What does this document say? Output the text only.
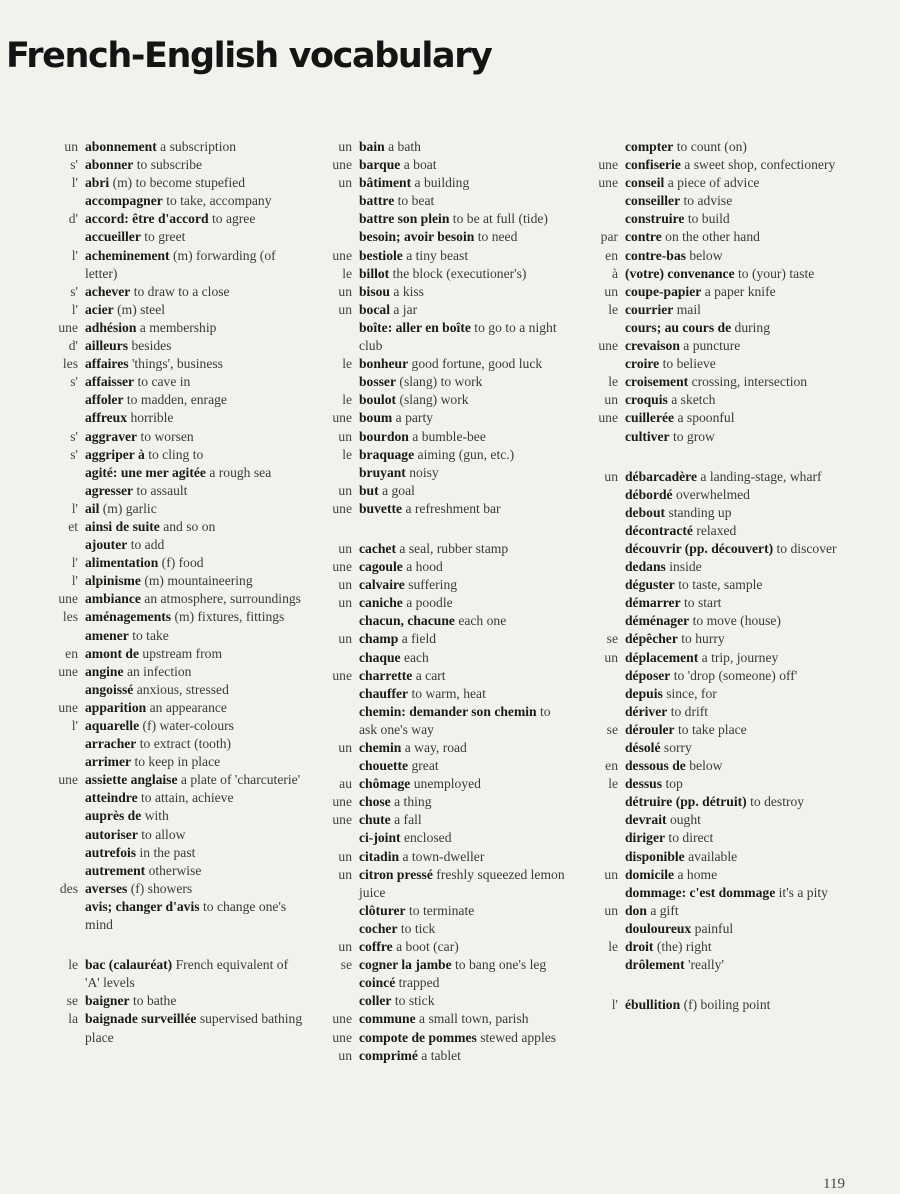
French-English vocabulary
un abonnement a subscription
s' abonner to subscribe
l' abri (m) to become stupefied
accompagner to take, accompany
d' accord: être d'accord to agree
accueiller to greet
l' acheminement (m) forwarding (of letter)
s' achever to draw to a close
l' acier (m) steel
une adhésion a membership
d' ailleurs besides
les affaires 'things', business
s' affaisser to cave in
affoler to madden, enrage
affreux horrible
s' aggraver to worsen
s' aggriper à to cling to
agité: une mer agitée a rough sea
agresser to assault
l' ail (m) garlic
et ainsi de suite and so on
ajouter to add
l' alimentation (f) food
l' alpinisme (m) mountaineering
une ambiance an atmosphere, surroundings
les aménagements (m) fixtures, fittings
amener to take
en amont de upstream from
une angine an infection
angoissé anxious, stressed
une apparition an appearance
l' aquarelle (f) water-colours
arracher to extract (tooth)
arrimer to keep in place
une assiette anglaise a plate of 'charcuterie'
atteindre to attain, achieve
auprès de with
autoriser to allow
autrefois in the past
autrement otherwise
des averses (f) showers
avis; changer d'avis to change one's mind
le bac (calauréat) French equivalent of 'A' levels
se baigner to bathe
la baignade surveillée supervised bathing place
un bain a bath
une barque a boat
un bâtiment a building
battre to beat
battre son plein to be at full (tide)
besoin; avoir besoin to need
une bestiole a tiny beast
le billot the block (executioner's)
un bisou a kiss
un bocal a jar
boîte: aller en boîte to go to a night club
le bonheur good fortune, good luck
bosser (slang) to work
le boulot (slang) work
une boum a party
un bourdon a bumble-bee
le braquage aiming (gun, etc.)
bruyant noisy
un but a goal
une buvette a refreshment bar
un cachet a seal, rubber stamp
une cagoule a hood
un calvaire suffering
un caniche a poodle
chacun, chacune each one
un champ a field
chaque each
une charrette a cart
chauffer to warm, heat
chemin: demander son chemin to ask one's way
un chemin a way, road
chouette great
au chômage unemployed
une chose a thing
une chute a fall
ci-joint enclosed
un citadin a town-dweller
un citron pressé freshly squeezed lemon juice
clôturer to terminate
cocher to tick
un coffre a boot (car)
se cogner la jambe to bang one's leg
coincé trapped
coller to stick
une commune a small town, parish
une compote de pommes stewed apples
un comprimé a tablet
compter to count (on)
une confiserie a sweet shop, confectionery
une conseil a piece of advice
conseiller to advise
construire to build
par contre on the other hand
en contre-bas below
à (votre) convenance to (your) taste
un coupe-papier a paper knife
le courrier mail
cours; au cours de during
une crevaison a puncture
croire to believe
le croisement crossing, intersection
un croquis a sketch
une cuillerée a spoonful
cultiver to grow
un débarcadère a landing-stage, wharf
débordé overwhelmed
debout standing up
décontracté relaxed
découvrir (pp. découvert) to discover
dedans inside
déguster to taste, sample
démarrer to start
déménager to move (house)
se dépêcher to hurry
un déplacement a trip, journey
déposer to 'drop (someone) off'
depuis since, for
dériver to drift
se dérouler to take place
désolé sorry
en dessous de below
le dessus top
détruire (pp. détruit) to destroy
devrait ought
diriger to direct
disponible available
un domicile a home
dommage: c'est dommage it's a pity
un don a gift
douloureux painful
le droit (the) right
drôlement 'really'
l' ébullition (f) boiling point
119
